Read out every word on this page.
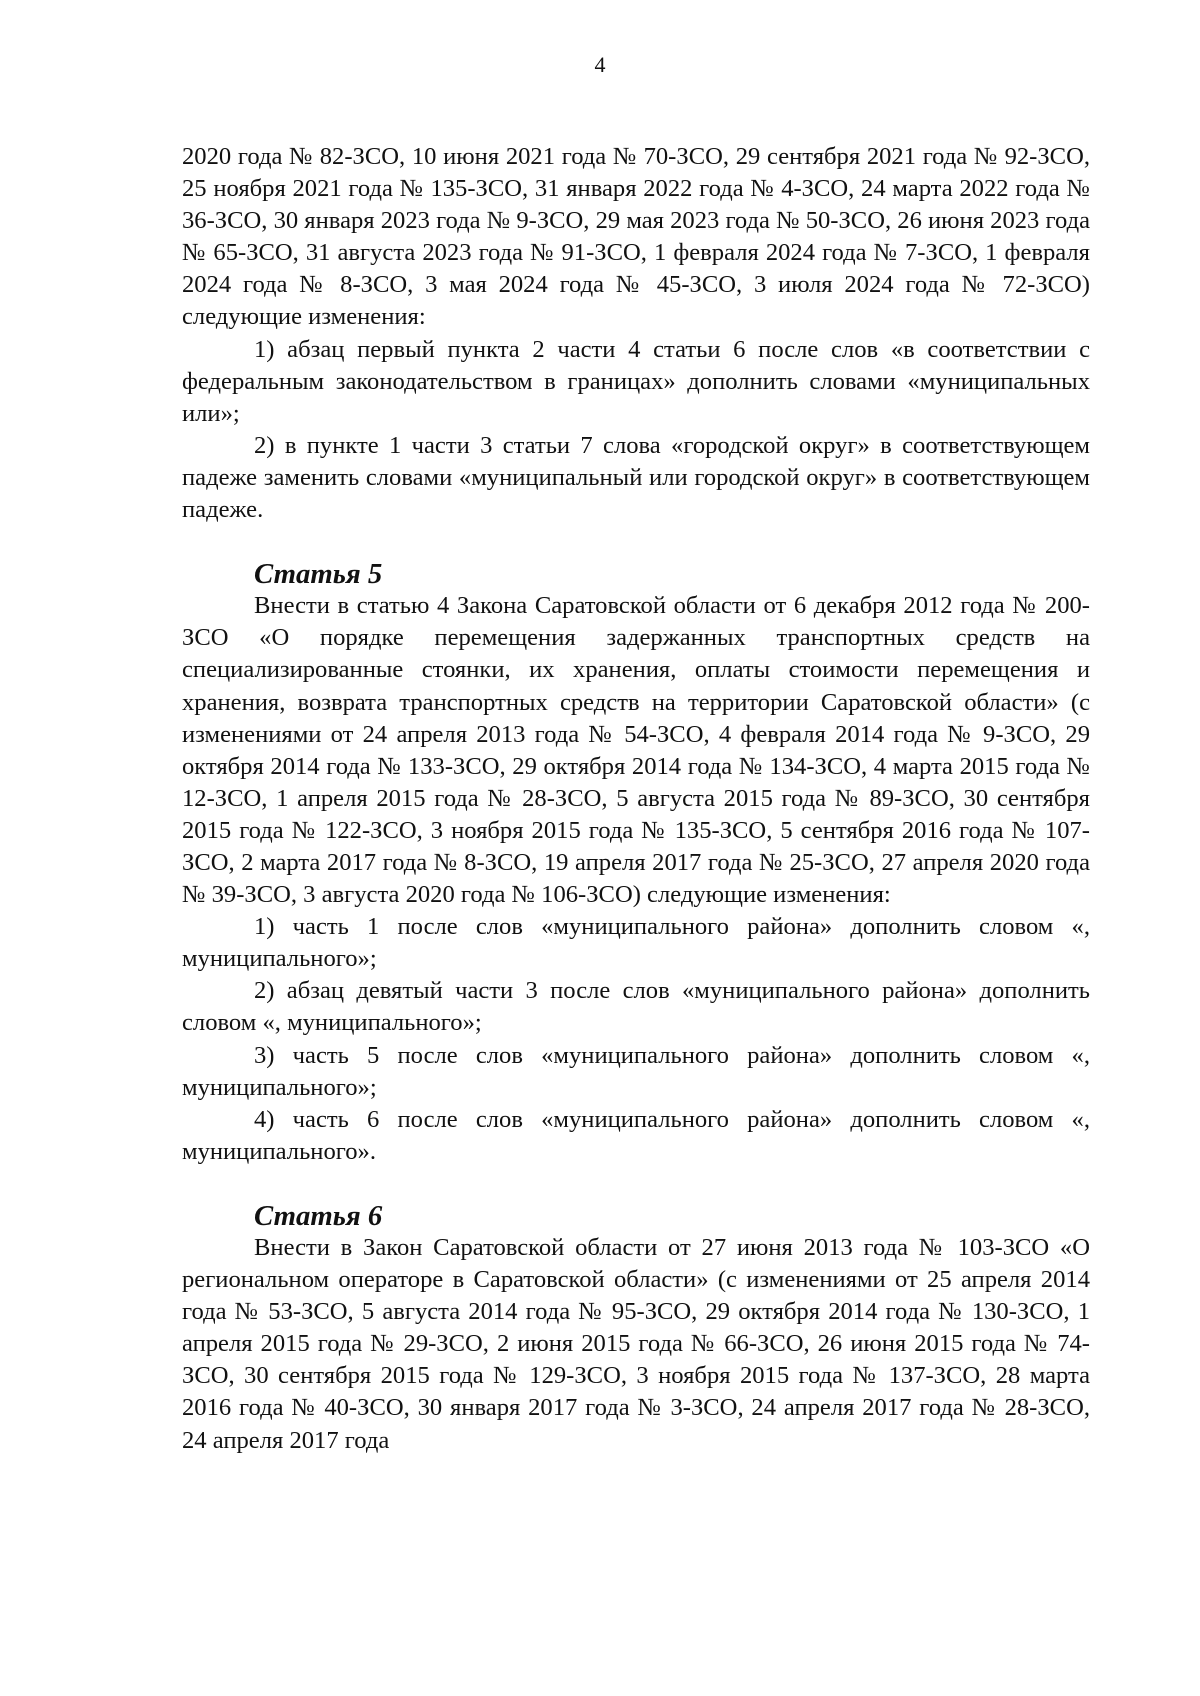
4

2020 года № 82-ЗСО, 10 июня 2021 года № 70-ЗСО, 29 сентября 2021 года № 92-ЗСО, 25 ноября 2021 года № 135-ЗСО, 31 января 2022 года № 4-ЗСО, 24 марта 2022 года № 36-ЗСО, 30 января 2023 года № 9-ЗСО, 29 мая 2023 года № 50-ЗСО, 26 июня 2023 года № 65-ЗСО, 31 августа 2023 года № 91-ЗСО, 1 февраля 2024 года № 7-ЗСО, 1 февраля 2024 года № 8-ЗСО, 3 мая 2024 года № 45-ЗСО, 3 июля 2024 года № 72-ЗСО) следующие изменения:

1) абзац первый пункта 2 части 4 статьи 6 после слов «в соответствии с федеральным законодательством в границах» дополнить словами «муниципальных или»;

2) в пункте 1 части 3 статьи 7 слова «городской округ» в соответствующем падеже заменить словами «муниципальный или городской округ» в соответствующем падеже.

Статья 5

Внести в статью 4 Закона Саратовской области от 6 декабря 2012 года № 200-ЗСО «О порядке перемещения задержанных транспортных средств на специализированные стоянки, их хранения, оплаты стоимости перемещения и хранения, возврата транспортных средств на территории Саратовской области» (с изменениями от 24 апреля 2013 года № 54-ЗСО, 4 февраля 2014 года № 9-ЗСО, 29 октября 2014 года № 133-ЗСО, 29 октября 2014 года № 134-ЗСО, 4 марта 2015 года № 12-ЗСО, 1 апреля 2015 года № 28-ЗСО, 5 августа 2015 года № 89-ЗСО, 30 сентября 2015 года № 122-ЗСО, 3 ноября 2015 года № 135-ЗСО, 5 сентября 2016 года № 107-ЗСО, 2 марта 2017 года № 8-ЗСО, 19 апреля 2017 года № 25-ЗСО, 27 апреля 2020 года № 39-ЗСО, 3 августа 2020 года № 106-ЗСО) следующие изменения:

1) часть 1 после слов «муниципального района» дополнить словом «, муниципального»;

2) абзац девятый части 3 после слов «муниципального района» дополнить словом «, муниципального»;

3) часть 5 после слов «муниципального района» дополнить словом «, муниципального»;

4) часть 6 после слов «муниципального района» дополнить словом «, муниципального».

Статья 6

Внести в Закон Саратовской области от 27 июня 2013 года № 103-ЗСО «О региональном операторе в Саратовской области» (с изменениями от 25 апреля 2014 года № 53-ЗСО, 5 августа 2014 года № 95-ЗСО, 29 октября 2014 года № 130-ЗСО, 1 апреля 2015 года № 29-ЗСО, 2 июня 2015 года № 66-ЗСО, 26 июня 2015 года № 74-ЗСО, 30 сентября 2015 года № 129-ЗСО, 3 ноября 2015 года № 137-ЗСО, 28 марта 2016 года № 40-ЗСО, 30 января 2017 года № 3-ЗСО, 24 апреля 2017 года № 28-ЗСО, 24 апреля 2017 года
